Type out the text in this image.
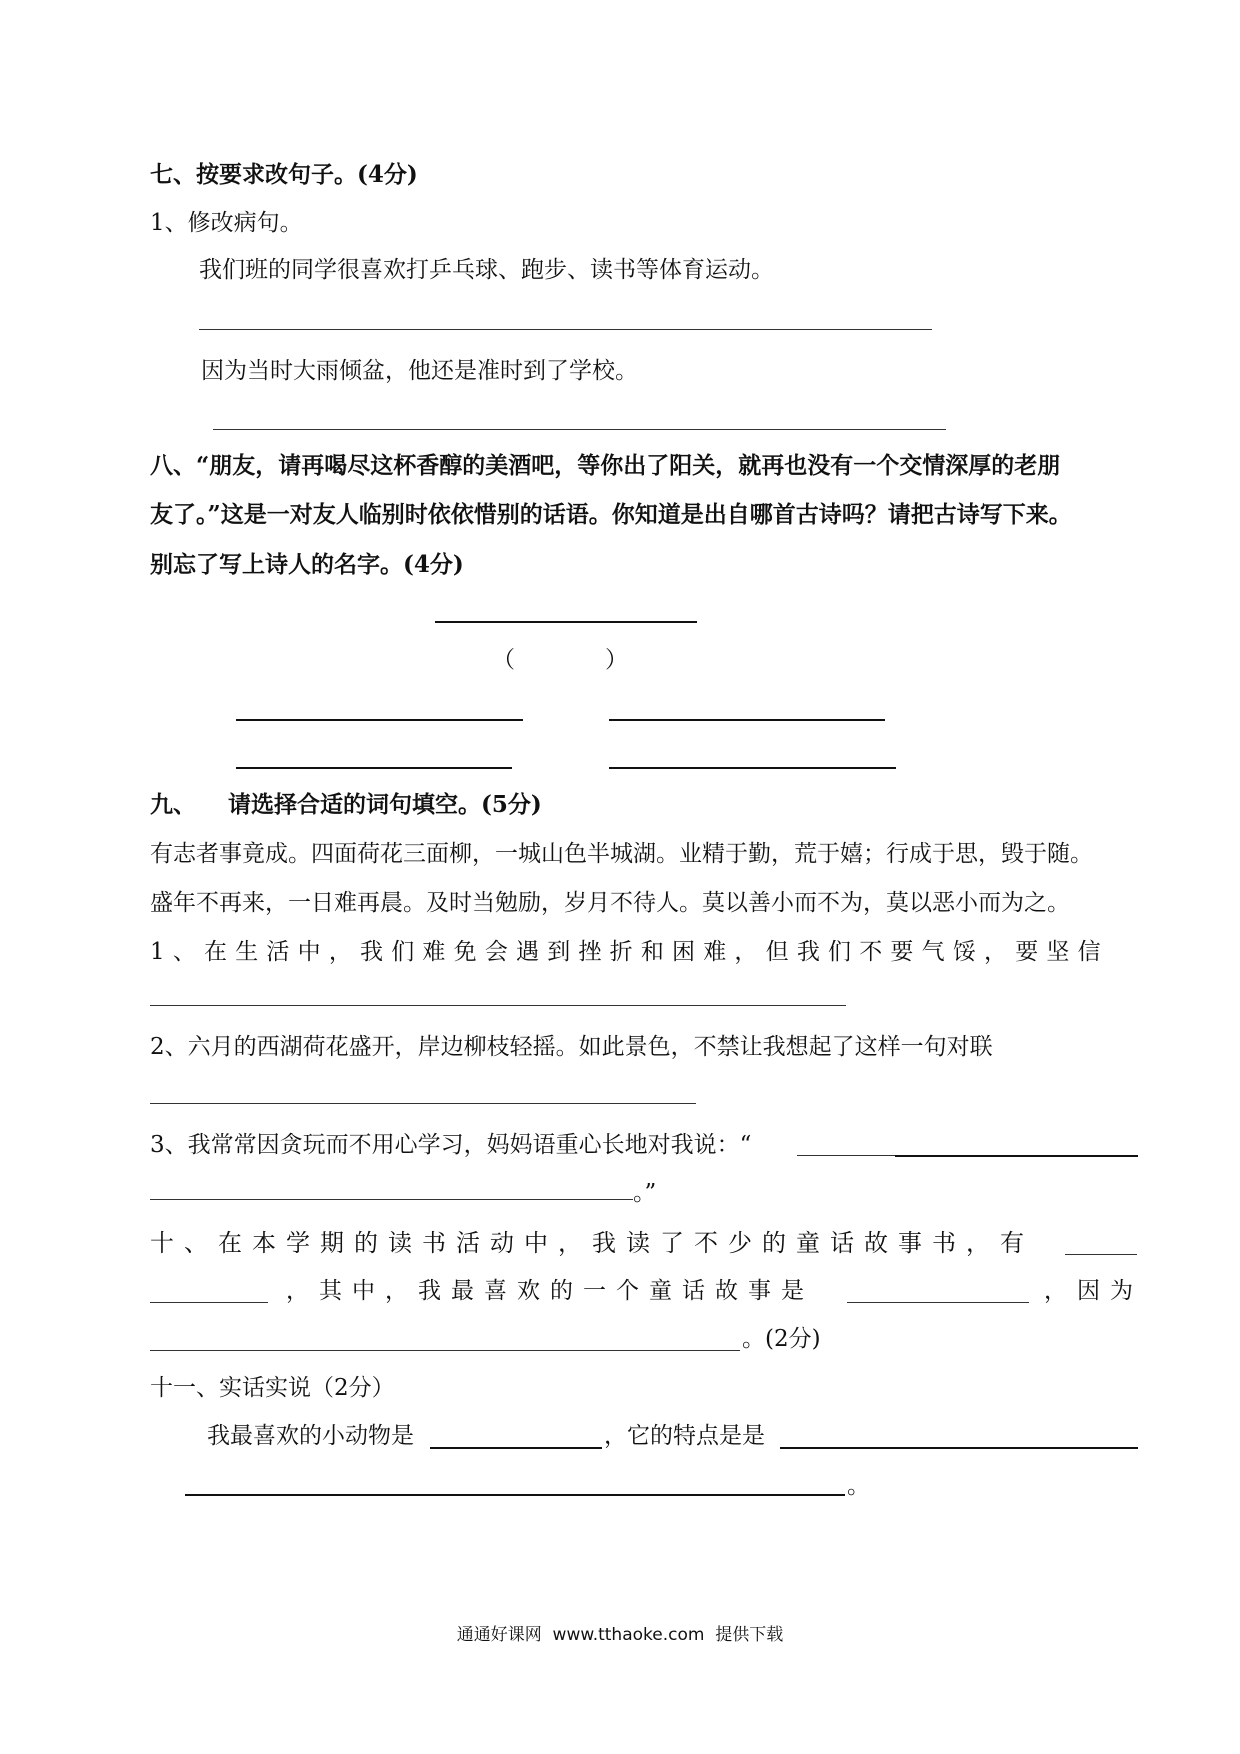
七、按要求改句子。(4分)
1、修改病句。
我们班的同学很喜欢打乒乓球、跑步、读书等体育运动。
因为当时大雨倾盆，他还是准时到了学校。
八、“朋友，请再喝尽这杯香醇的美酒吧，等你出了阳关，就再也没有一个交情深厚的老朋
友了。”这是一对友人临别时依依惜别的话语。你知道是出自哪首古诗吗？请把古诗写下来。
别忘了写上诗人的名字。(4分)
（	）
九、    请选择合适的词句填空。(5分)
有志者事竟成。四面荷花三面柳，一城山色半城湖。业精于勤，荒于嬉；行成于思，毁于随。
盛年不再来，一日难再晨。及时当勉励，岁月不待人。莫以善小而不为，莫以恶小而为之。
1、在生活中，我们难免会遇到挫折和困难，但我们不要气馁，要坚信
2、六月的西湖荷花盛开，岸边柳枝轻摇。如此景色，不禁让我想起了这样一句对联
3、我常常因贪玩而不用心学习，妈妈语重心长地对我说：“
。”
十、在本学期的读书活动中，我读了不少的童话故事书，有
，其中，我最喜欢的一个童话故事是	，因为
。(2分)
十一、实话实说（2分）
我最喜欢的小动物是	，它的特点是是
。
通通好课网  www.tthaoke.com  提供下载
